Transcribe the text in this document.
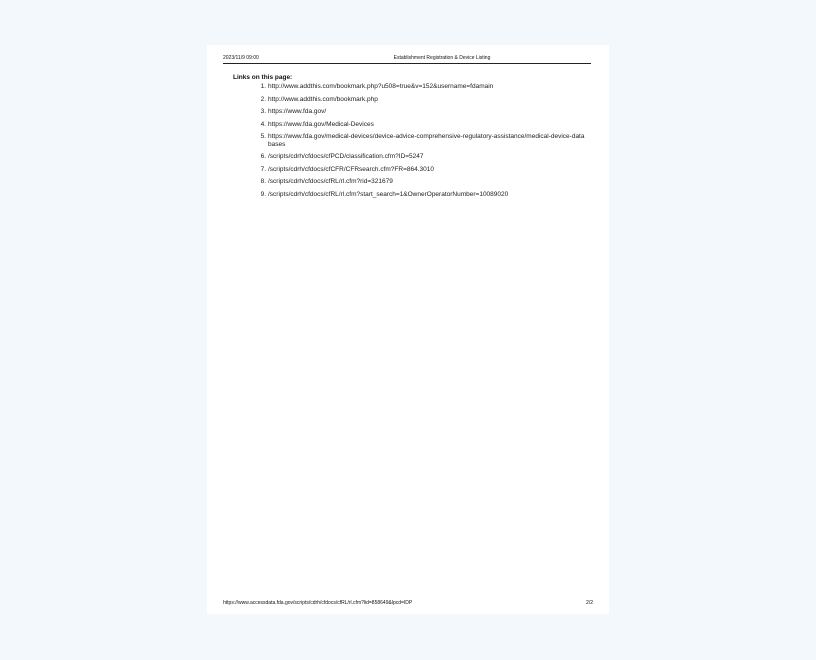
2023/11/9 09:00	Establishment Registration & Device Listing
Links on this page:
1. http://www.addthis.com/bookmark.php?u508=true&v=152&username=fdamain
2. http://www.addthis.com/bookmark.php
3. https://www.fda.gov/
4. https://www.fda.gov/Medical-Devices
5. https://www.fda.gov/medical-devices/device-advice-comprehensive-regulatory-assistance/medical-device-databases
6. /scripts/cdrh/cfdocs/cfPCD/classification.cfm?ID=5247
7. /scripts/cdrh/cfdocs/cfCFR/CFRsearch.cfm?FR=864.3010
8. /scripts/cdrh/cfdocs/cfRL/rl.cfm?rid=321679
9. /scripts/cdrh/cfdocs/cfRL/rl.cfm?start_search=1&OwnerOperatorNumber=10089020
https://www.accessdata.fda.gov/scripts/cdrh/cfdocs/cfRL/rl.cfm?lid=858649&lpcd=IDP	2/2
